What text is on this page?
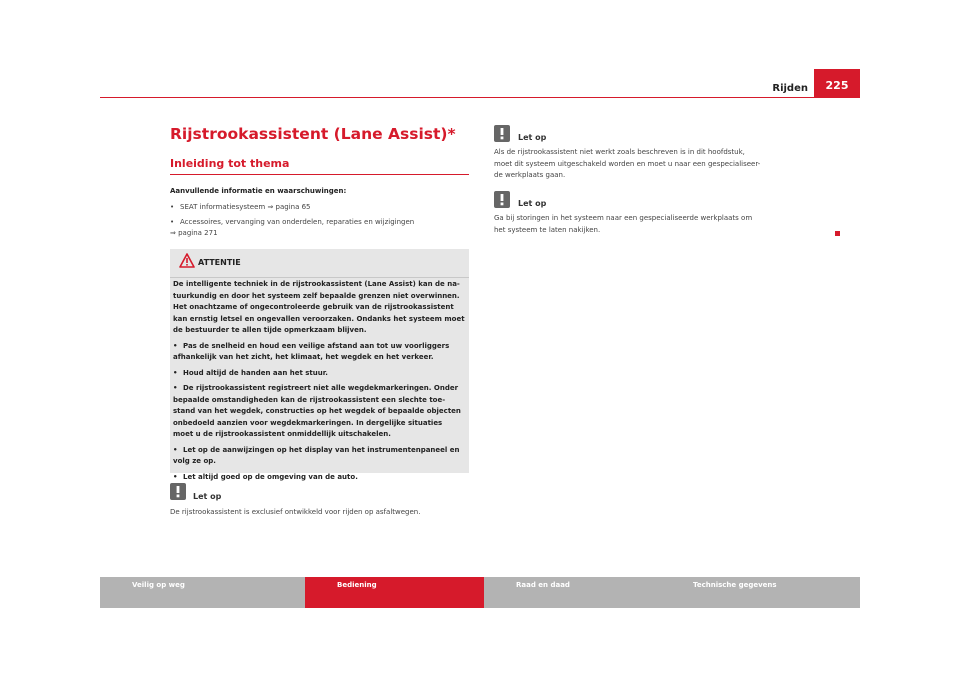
Rijden	225
Rijstrookassistent (Lane Assist)*
Inleiding tot thema
Aanvullende informatie en waarschuwingen:
• SEAT informatiesysteem ⇒ pagina 65
• Accessoires, vervanging van onderdelen, reparaties en wijzigingen
⇒ pagina 271
ATTENTIE
De intelligente techniek in de rijstrookassistent (Lane Assist) kan de na-
tuurkundig en door het systeem zelf bepaalde grenzen niet overwinnen.
Het onachtzame of ongecontroleerde gebruik van de rijstrookassistent
kan ernstig letsel en ongevallen veroorzaken. Ondanks het systeem moet
de bestuurder te allen tijde opmerkzaam blijven.
• Pas de snelheid en houd een veilige afstand aan tot uw voorliggers
afhankelijk van het zicht, het klimaat, het wegdek en het verkeer.
• Houd altijd de handen aan het stuur.
• De rijstrookassistent registreert niet alle wegdekmarkeringen. Onder
bepaalde omstandigheden kan de rijstrookassistent een slechte toe-
stand van het wegdek, constructies op het wegdek of bepaalde objecten
onbedoeld aanzien voor wegdekmarkeringen. In dergelijke situaties
moet u de rijstrookassistent onmiddellijk uitschakelen.
• Let op de aanwijzingen op het display van het instrumentenpaneel en
volg ze op.
• Let altijd goed op de omgeving van de auto.
Let op
De rijstrookassistent is exclusief ontwikkeld voor rijden op asfaltwegen.
Let op
Als de rijstrookassistent niet werkt zoals beschreven is in dit hoofdstuk,
moet dit systeem uitgeschakeld worden en moet u naar een gespecialiseer-
de werkplaats gaan.
Let op
Ga bij storingen in het systeem naar een gespecialiseerde werkplaats om
het systeem te laten nakijken.
Veilig op weg	Bediening	Raad en daad	Technische gegevens
